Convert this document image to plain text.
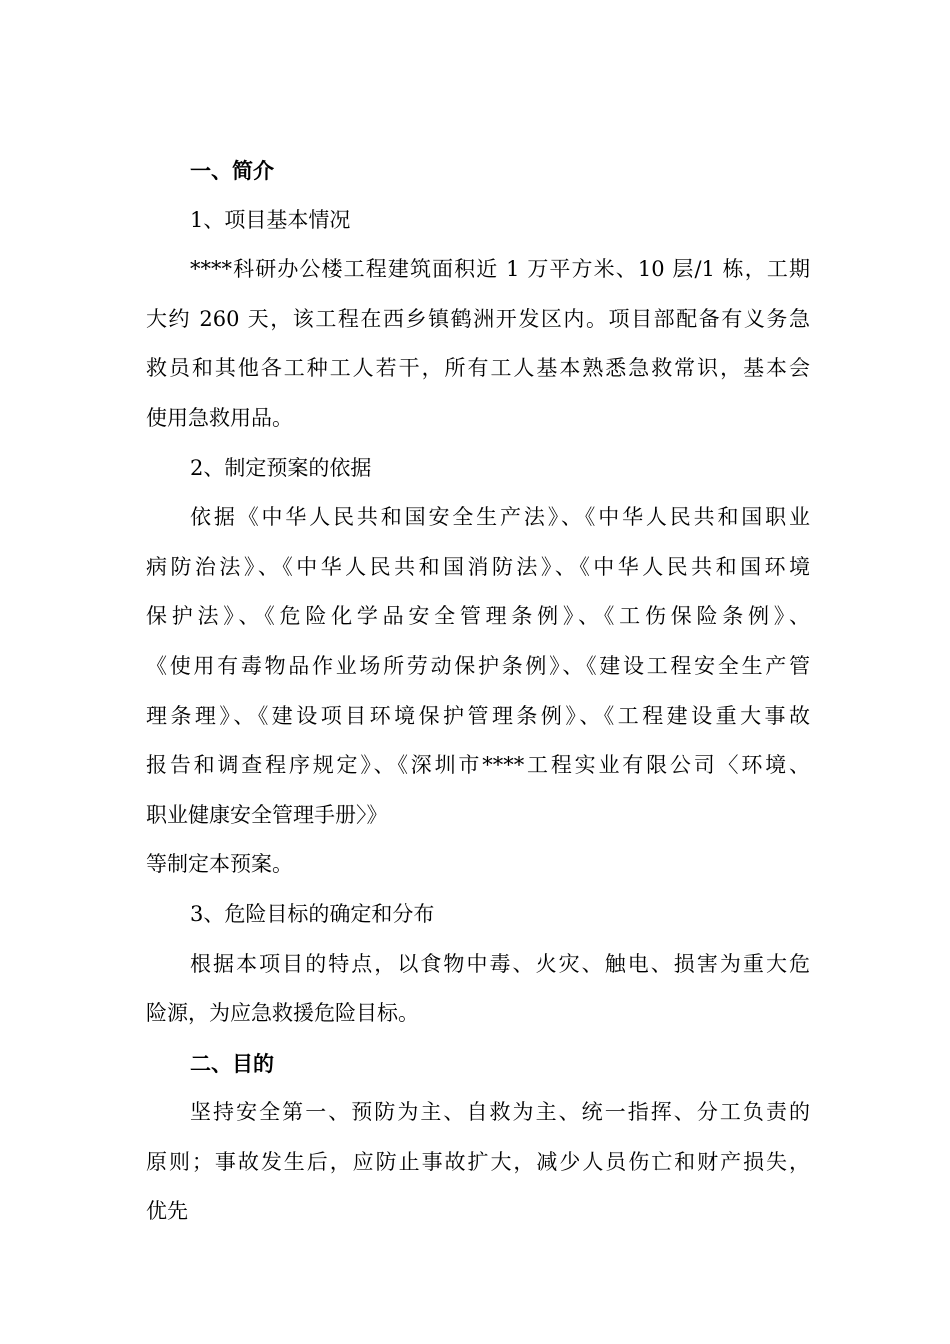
一、简介
1、项目基本情况
****科研办公楼工程建筑面积近 1 万平方米、10 层/1 栋，工期
大约 260 天，该工程在西乡镇鹤洲开发区内。项目部配备有义务急
救员和其他各工种工人若干，所有工人基本熟悉急救常识，基本会
使用急救用品。
2、制定预案的依据
依据《中华人民共和国安全生产法》、《中华人民共和国职业
病防治法》、《中华人民共和国消防法》、《中华人民共和国环境
保护法》、《危险化学品安全管理条例》、《工伤保险条例》、
《使用有毒物品作业场所劳动保护条例》、《建设工程安全生产管
理条理》、《建设项目环境保护管理条例》、《工程建设重大事故
报告和调查程序规定》、《深圳市****工程实业有限公司〈环境、
职业健康安全管理手册〉》
等制定本预案。
3、危险目标的确定和分布
根据本项目的特点，以食物中毒、火灾、触电、损害为重大危
险源，为应急救援危险目标。
二、目的
坚持安全第一、预防为主、自救为主、统一指挥、分工负责的
原则；事故发生后，应防止事故扩大，减少人员伤亡和财产损失，
优先
